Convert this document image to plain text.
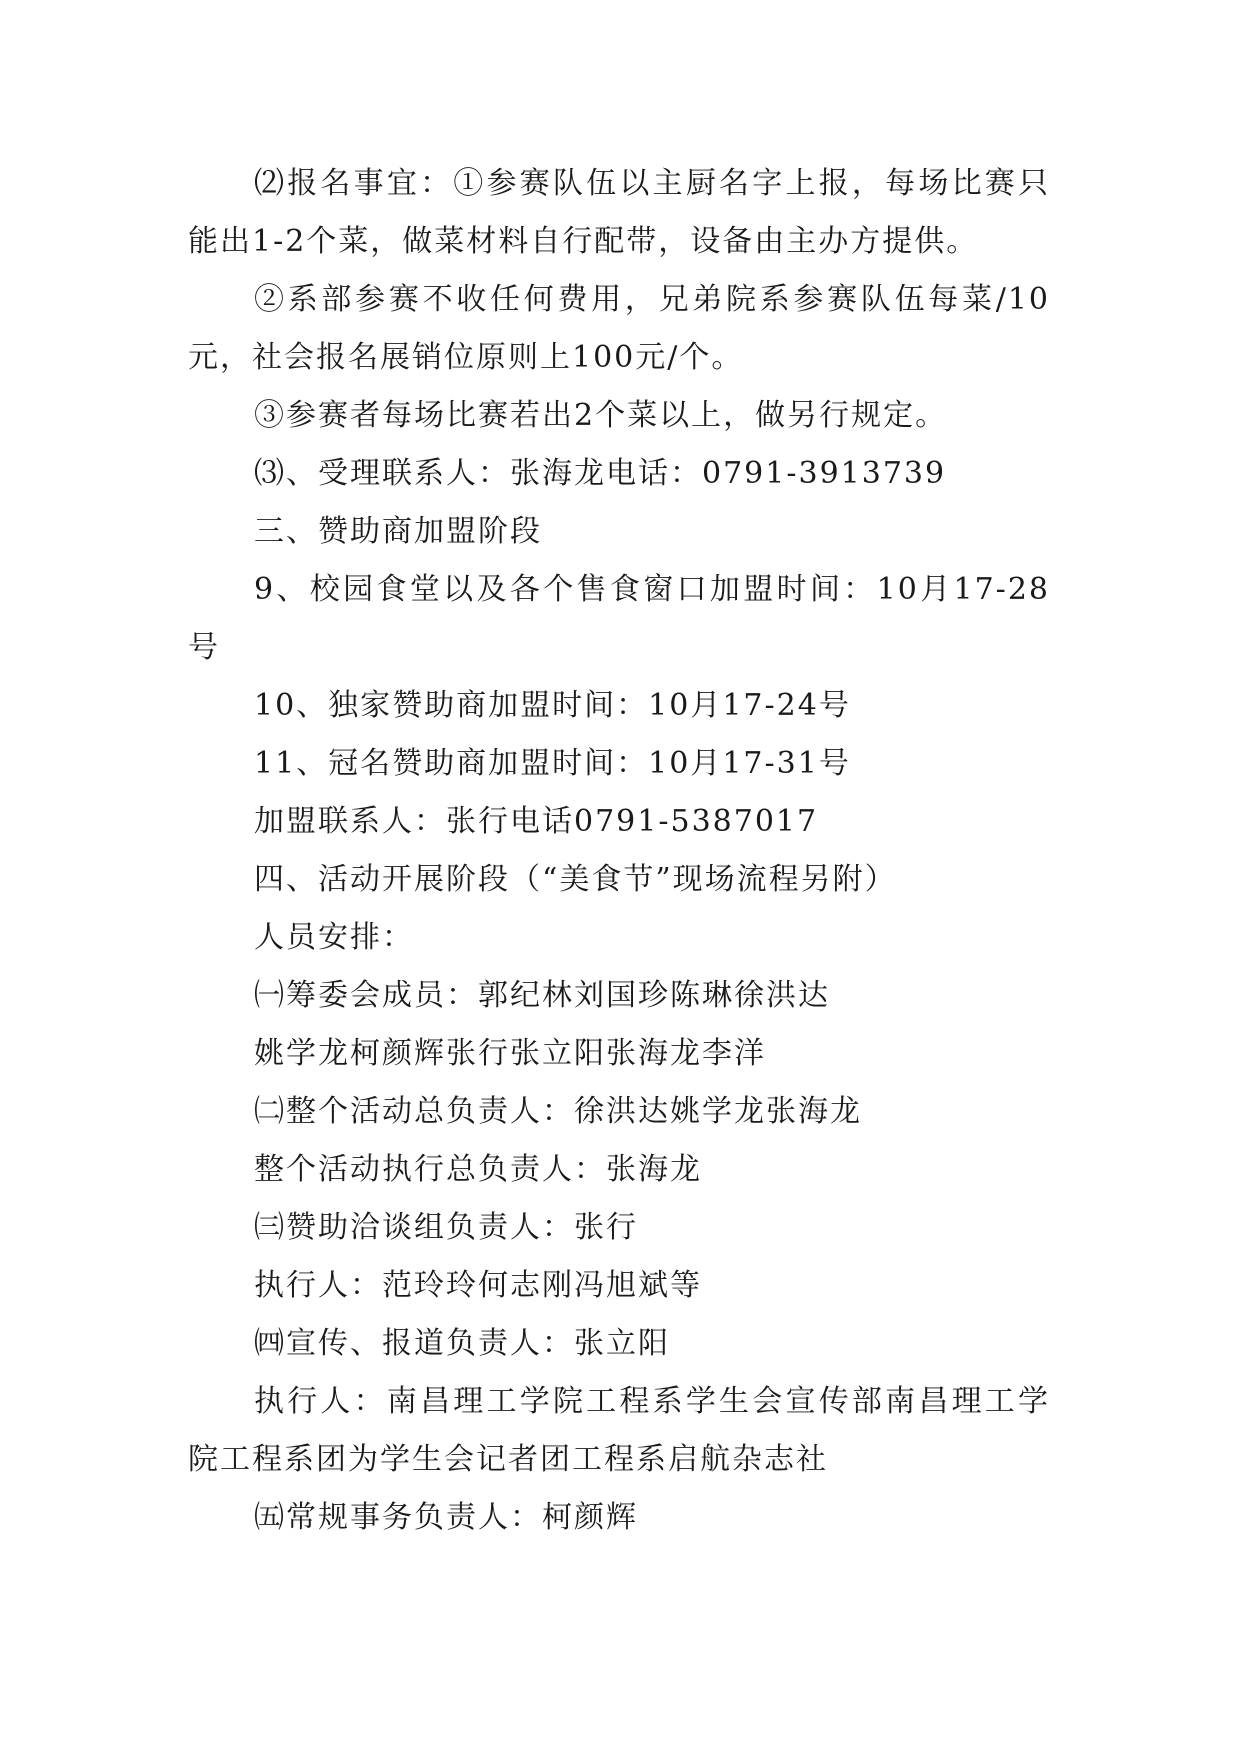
⑵报名事宜：①参赛队伍以主厨名字上报，每场比赛只能出1-2个菜，做菜材料自行配带，设备由主办方提供。

②系部参赛不收任何费用，兄弟院系参赛队伍每菜/10元，社会报名展销位原则上100元/个。

③参赛者每场比赛若出2个菜以上，做另行规定。

⑶、受理联系人：张海龙电话：0791-3913739

三、赞助商加盟阶段

9、校园食堂以及各个售食窗口加盟时间：10月17-28号

10、独家赞助商加盟时间：10月17-24号

11、冠名赞助商加盟时间：10月17-31号

加盟联系人：张行电话0791-5387017

四、活动开展阶段（“美食节”现场流程另附）

人员安排：

㈠筹委会成员：郭纪林刘国珍陈琳徐洪达

姚学龙柯颜辉张行张立阳张海龙李洋

㈡整个活动总负责人：徐洪达姚学龙张海龙

整个活动执行总负责人：张海龙

㈢赞助洽谈组负责人：张行

执行人：范玲玲何志刚冯旭斌等

㈣宣传、报道负责人：张立阳

执行人：南昌理工学院工程系学生会宣传部南昌理工学院工程系团为学生会记者团工程系启航杂志社

㈤常规事务负责人：柯颜辉
